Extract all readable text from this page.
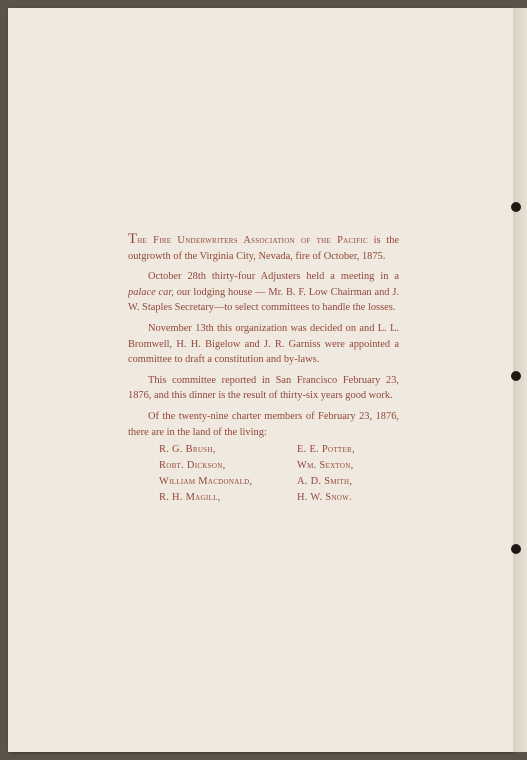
The Fire Underwriters Association of the Pacific is the outgrowth of the Virginia City, Nevada, fire of October, 1875.

October 28th thirty-four Adjusters held a meeting in a palace car, our lodging house — Mr. B. F. Low Chairman and J. W. Staples Secretary—to select committees to handle the losses.

November 13th this organization was decided on and L. L. Bromwell, H. H. Bigelow and J. R. Garniss were appointed a committee to draft a constitution and by-laws.

This committee reported in San Francisco February 23, 1876, and this dinner is the result of thirty-six years good work.

Of the twenty-nine charter members of February 23, 1876, there are in the land of the living:

R. G. Brush,	E. E. Potter,
Robt. Dickson,	Wm. Sexton,
William Macdonald,	A. D. Smith,
R. H. Magill,	H. W. Snow.
